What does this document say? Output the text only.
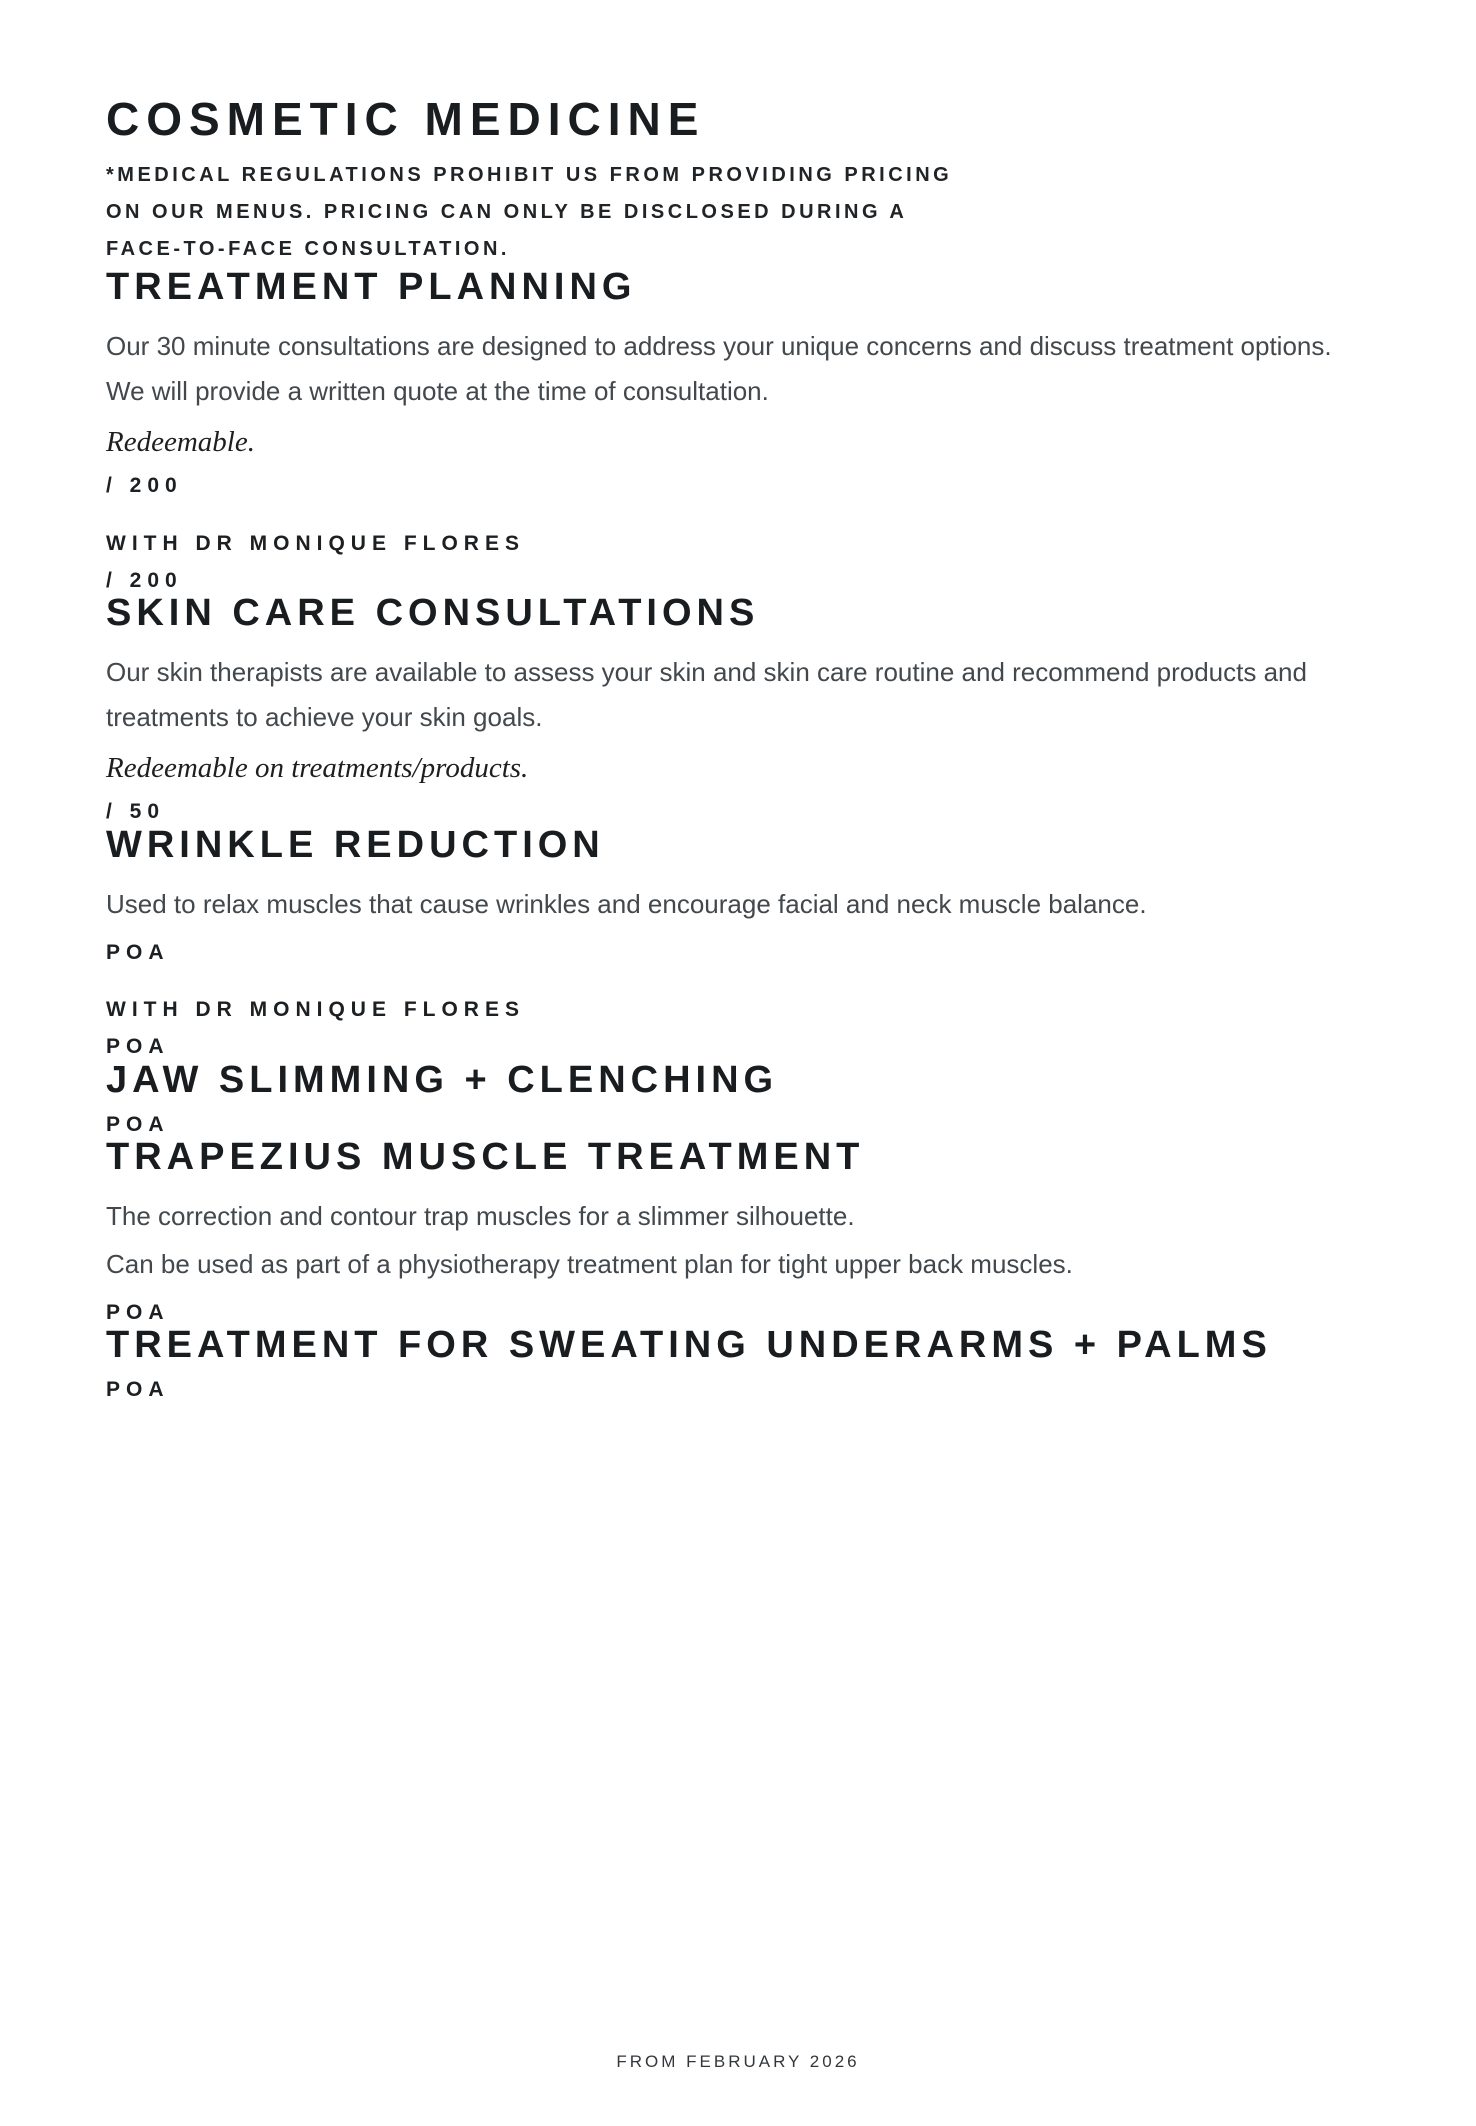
COSMETIC MEDICINE
*MEDICAL REGULATIONS PROHIBIT US FROM PROVIDING PRICING
ON OUR MENUS. PRICING CAN ONLY BE DISCLOSED DURING A
FACE-TO-FACE CONSULTATION.
TREATMENT PLANNING

Our 30 minute consultations are designed to address your unique concerns and discuss treatment options. We will provide a written quote at the time of consultation.

Redeemable.
/ 200
WITH DR MONIQUE FLORES
/ 200
SKIN CARE CONSULTATIONS

Our skin therapists are available to assess your skin and skin care routine and recommend products and treatments to achieve your skin goals.

Redeemable on treatments/products.
/ 50
WRINKLE REDUCTION

Used to relax muscles that cause wrinkles and encourage facial and neck muscle balance.

POA
WITH DR MONIQUE FLORES
POA
JAW SLIMMING + CLENCHING
POA
TRAPEZIUS MUSCLE TREATMENT

The correction and contour trap muscles for a slimmer silhouette.

Can be used as part of a physiotherapy treatment plan for tight upper back muscles.

POA
TREATMENT FOR SWEATING UNDERARMS + PALMS
POA
FROM FEBRUARY 2026
